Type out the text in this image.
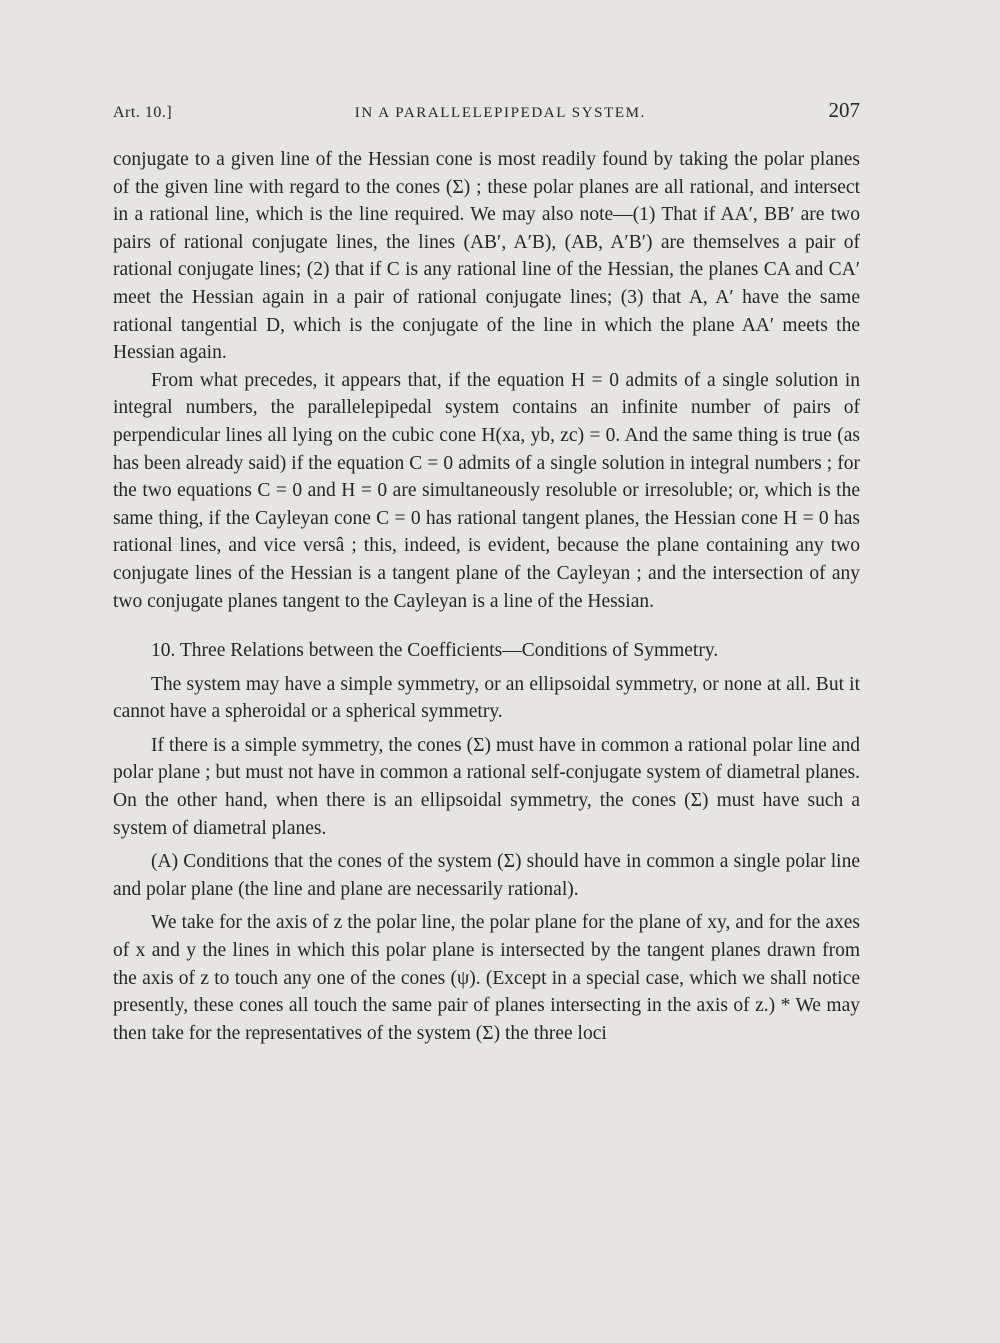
Art. 10.]	IN A PARALLELEPIPEDAL SYSTEM.	207

conjugate to a given line of the Hessian cone is most readily found by taking the polar planes of the given line with regard to the cones (Σ) ; these polar planes are all rational, and intersect in a rational line, which is the line required. We may also note—(1) That if AA′, BB′ are two pairs of rational conjugate lines, the lines (AB′, A′B), (AB, A′B′) are themselves a pair of rational conjugate lines; (2) that if C is any rational line of the Hessian, the planes CA and CA′ meet the Hessian again in a pair of rational conjugate lines; (3) that A, A′ have the same rational tangential D, which is the conjugate of the line in which the plane AA′ meets the Hessian again.

From what precedes, it appears that, if the equation H = 0 admits of a single solution in integral numbers, the parallelepipedal system contains an infinite number of pairs of perpendicular lines all lying on the cubic cone H(xa, yb, zc) = 0. And the same thing is true (as has been already said) if the equation C = 0 admits of a single solution in integral numbers ; for the two equations C = 0 and H = 0 are simultaneously resoluble or irresoluble; or, which is the same thing, if the Cayleyan cone C = 0 has rational tangent planes, the Hessian cone H = 0 has rational lines, and vice versâ ; this, indeed, is evident, because the plane containing any two conjugate lines of the Hessian is a tangent plane of the Cayleyan ; and the intersection of any two conjugate planes tangent to the Cayleyan is a line of the Hessian.

10. Three Relations between the Coefficients—Conditions of Symmetry.

The system may have a simple symmetry, or an ellipsoidal symmetry, or none at all. But it cannot have a spheroidal or a spherical symmetry.

If there is a simple symmetry, the cones (Σ) must have in common a rational polar line and polar plane ; but must not have in common a rational self-conjugate system of diametral planes. On the other hand, when there is an ellipsoidal symmetry, the cones (Σ) must have such a system of diametral planes.

(A) Conditions that the cones of the system (Σ) should have in common a single polar line and polar plane (the line and plane are necessarily rational).

We take for the axis of z the polar line, the polar plane for the plane of xy, and for the axes of x and y the lines in which this polar plane is intersected by the tangent planes drawn from the axis of z to touch any one of the cones (ψ). (Except in a special case, which we shall notice presently, these cones all touch the same pair of planes intersecting in the axis of z.) * We may then take for the representatives of the system (Σ) the three loci
